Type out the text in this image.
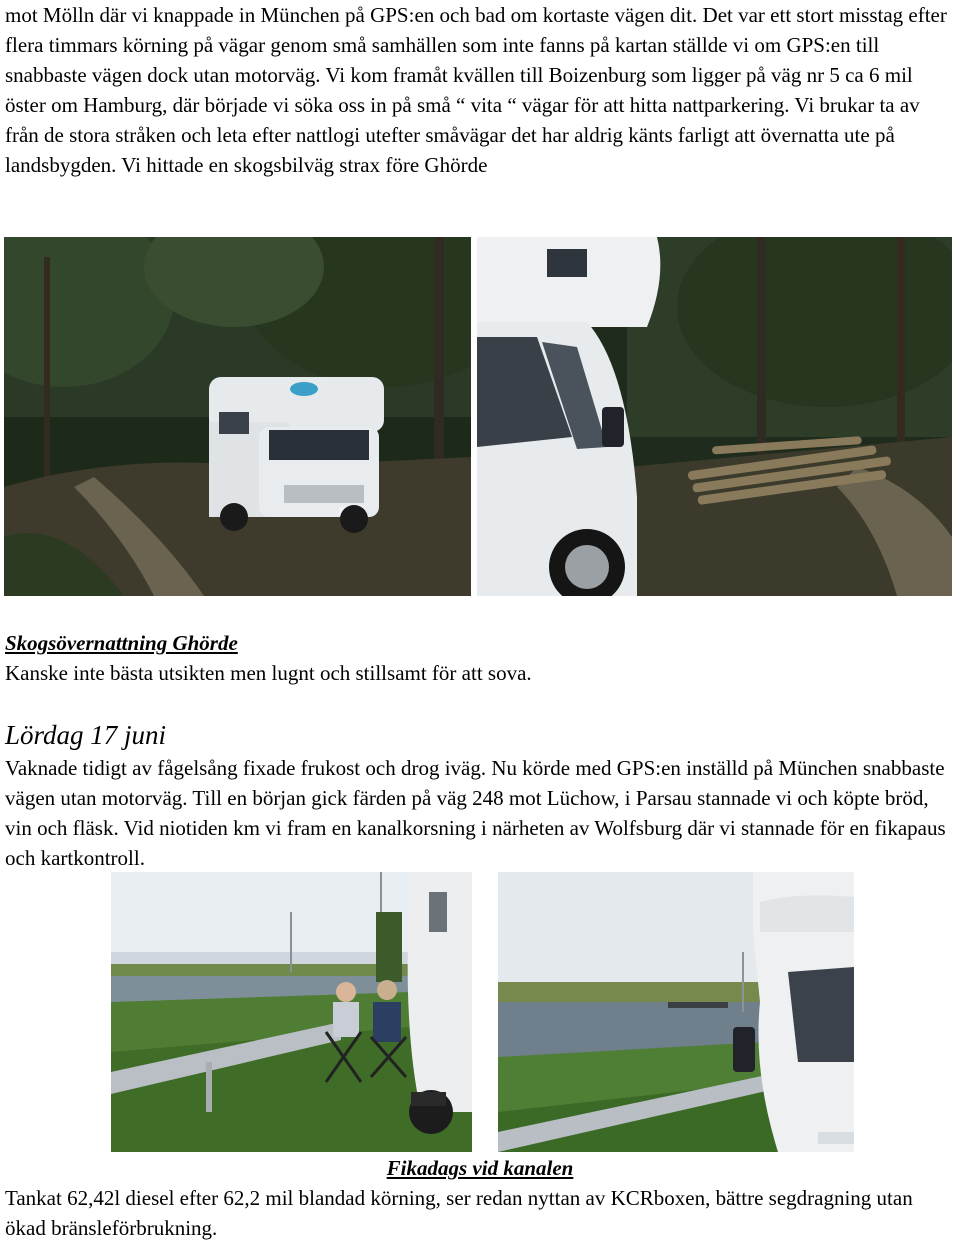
mot Mölln där vi knappade in München på GPS:en och bad om kortaste vägen dit. Det var ett stort misstag efter flera timmars körning på vägar genom små samhällen som inte fanns på kartan ställde vi om GPS:en till snabbaste vägen dock utan motorväg. Vi kom framåt kvällen till Boizenburg som ligger på väg nr 5 ca 6 mil öster om Hamburg, där började vi söka oss in på små “ vita “ vägar för att hitta nattparkering. Vi brukar ta av från de stora stråken och leta efter nattlogi utefter småvägar det har aldrig känts farligt att övernatta ute på landsbygden. Vi hittade en skogsbilväg strax före Ghörde

Skogsövernattning Ghörde

Kanske inte bästa utsikten men lugnt och stillsamt för att sova.

Lördag 17 juni

Vaknade tidigt av fågelsång fixade frukost och drog iväg. Nu körde med GPS:en inställd på München snabbaste vägen utan motorväg. Till en början gick färden på väg 248 mot Lüchow, i Parsau stannade vi och köpte bröd, vin och fläsk. Vid niotiden km vi fram en kanalkorsning i närheten av Wolfsburg där vi stannade för en fikapaus och kartkontroll.

Fikadags vid kanalen

Tankat 62,42l diesel efter 62,2 mil blandad körning, ser redan nyttan av KCRboxen, bättre segdragning utan ökad bränsleförbrukning.
